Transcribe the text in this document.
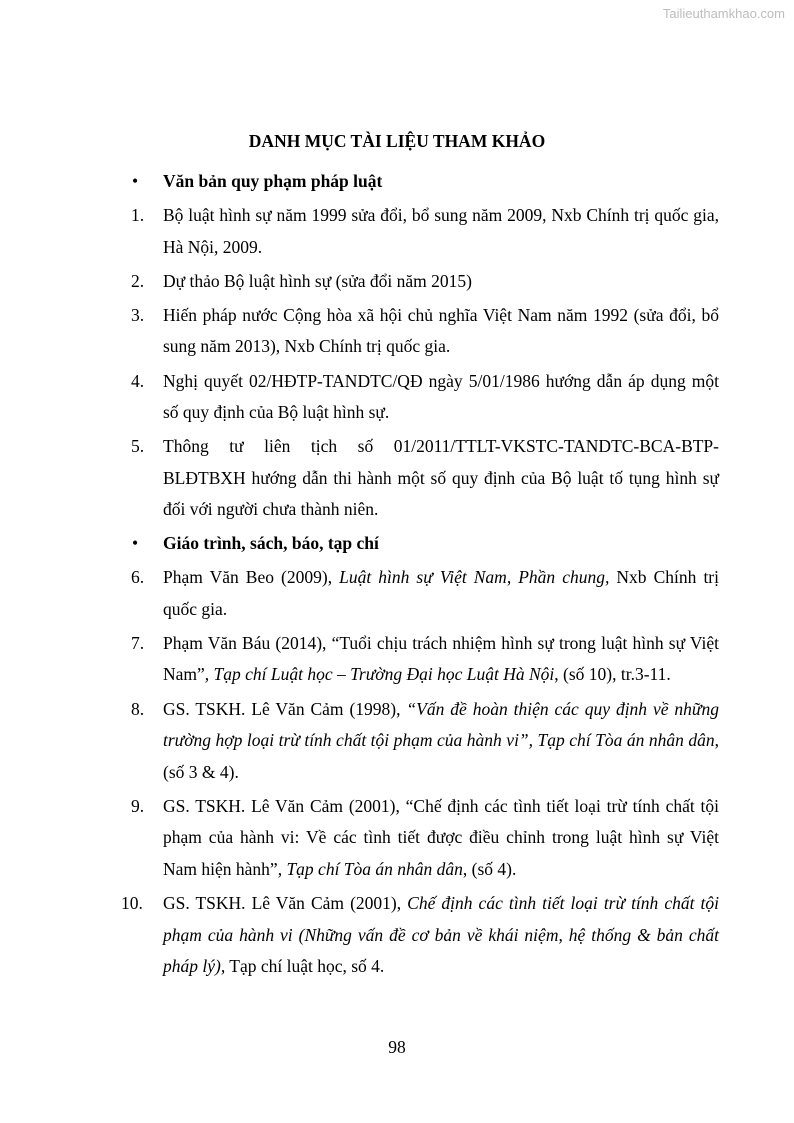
Tailieuthamkhao.com
DANH MỤC TÀI LIỆU THAM KHẢO
• Văn bản quy phạm pháp luật
1. Bộ luật hình sự năm 1999 sửa đổi, bổ sung năm 2009, Nxb Chính trị quốc gia, Hà Nội, 2009.
2. Dự thảo Bộ luật hình sự (sửa đổi năm 2015)
3. Hiến pháp nước Cộng hòa xã hội chủ nghĩa Việt Nam năm 1992 (sửa đổi, bổ sung năm 2013), Nxb Chính trị quốc gia.
4. Nghị quyết 02/HĐTP-TANDTC/QĐ ngày 5/01/1986 hướng dẫn áp dụng một số quy định của Bộ luật hình sự.
5. Thông tư liên tịch số 01/2011/TTLT-VKSTC-TANDTC-BCA-BTP-BLĐTBXH hướng dẫn thi hành một số quy định của Bộ luật tố tụng hình sự đối với người chưa thành niên.
• Giáo trình, sách, báo, tạp chí
6. Phạm Văn Beo (2009), Luật hình sự Việt Nam, Phần chung, Nxb Chính trị quốc gia.
7. Phạm Văn Báu (2014), “Tuổi chịu trách nhiệm hình sự trong luật hình sự Việt Nam”, Tạp chí Luật học – Trường Đại học Luật Hà Nội, (số 10), tr.3-11.
8. GS. TSKH. Lê Văn Cảm (1998), “Vấn đề hoàn thiện các quy định về những trường hợp loại trừ tính chất tội phạm của hành vi”, Tạp chí Tòa án nhân dân, (số 3 & 4).
9. GS. TSKH. Lê Văn Cảm (2001), “Chế định các tình tiết loại trừ tính chất tội phạm của hành vi: Về các tình tiết được điều chỉnh trong luật hình sự Việt Nam hiện hành”, Tạp chí Tòa án nhân dân, (số 4).
10. GS. TSKH. Lê Văn Cảm (2001), Chế định các tình tiết loại trừ tính chất tội phạm của hành vi (Những vấn đề cơ bản về khái niệm, hệ thống & bản chất pháp lý), Tạp chí luật học, số 4.
98
